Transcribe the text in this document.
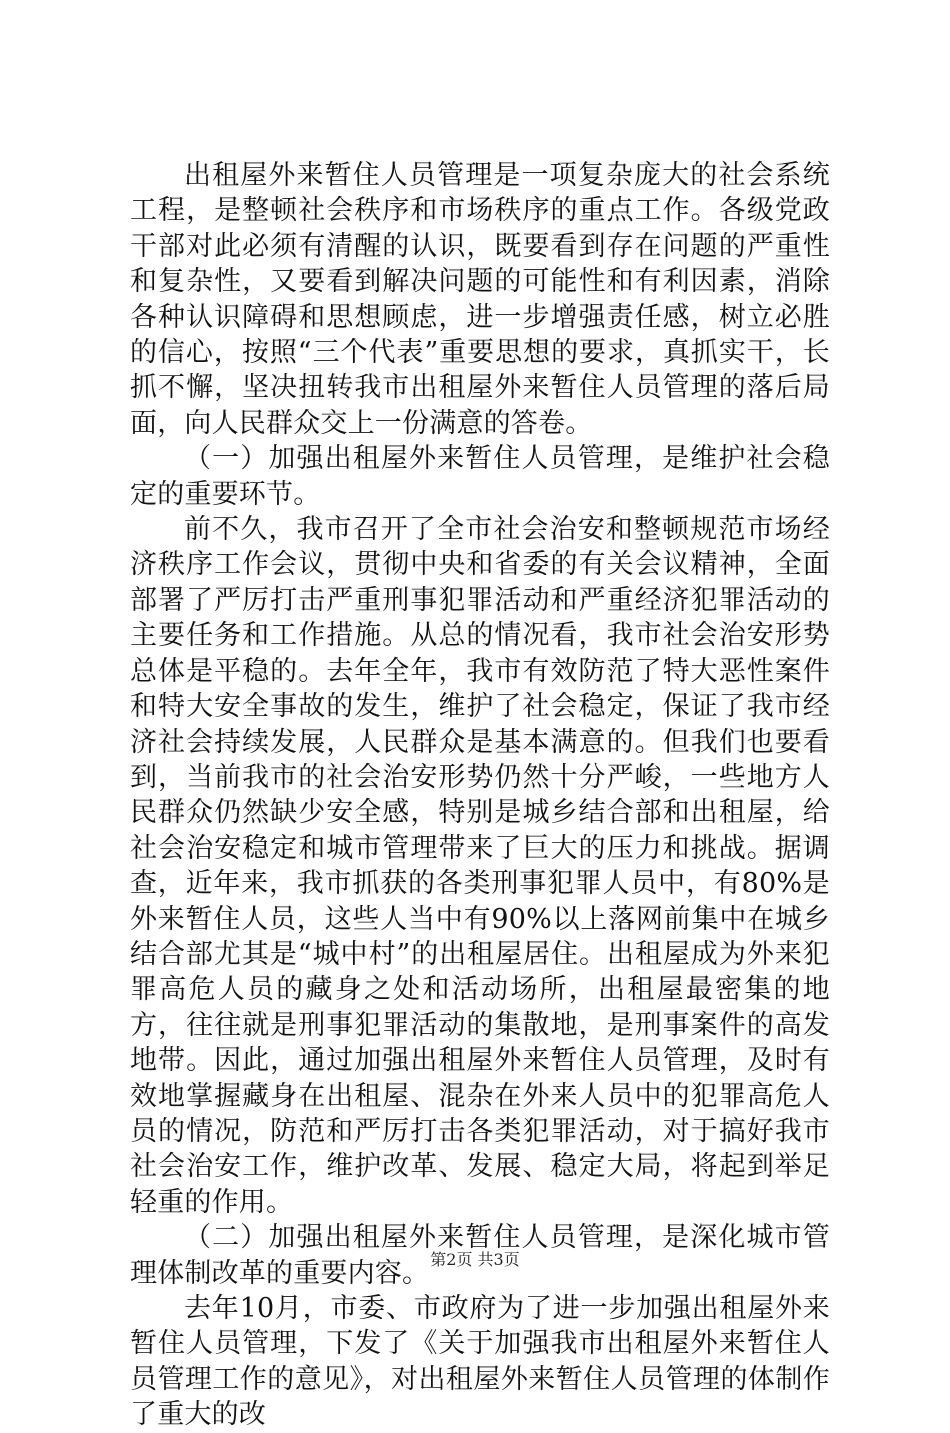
出租屋外来暂住人员管理是一项复杂庞大的社会系统工程，是整顿社会秩序和市场秩序的重点工作。各级党政干部对此必须有清醒的认识，既要看到存在问题的严重性和复杂性，又要看到解决问题的可能性和有利因素，消除各种认识障碍和思想顾虑，进一步增强责任感，树立必胜的信心，按照“三个代表”重要思想的要求，真抓实干，长抓不懈，坚决扭转我市出租屋外来暂住人员管理的落后局面，向人民群众交上一份满意的答卷。

（一）加强出租屋外来暂住人员管理，是维护社会稳定的重要环节。

前不久，我市召开了全市社会治安和整顿规范市场经济秩序工作会议，贯彻中央和省委的有关会议精神，全面部署了严厉打击严重刑事犯罪活动和严重经济犯罪活动的主要任务和工作措施。从总的情况看，我市社会治安形势总体是平稳的。去年全年，我市有效防范了特大恶性案件和特大安全事故的发生，维护了社会稳定，保证了我市经济社会持续发展，人民群众是基本满意的。但我们也要看到，当前我市的社会治安形势仍然十分严峻，一些地方人民群众仍然缺少安全感，特别是城乡结合部和出租屋，给社会治安稳定和城市管理带来了巨大的压力和挑战。据调查，近年来，我市抓获的各类刑事犯罪人员中，有80%是外来暂住人员，这些人当中有90%以上落网前集中在城乡结合部尤其是“城中村”的出租屋居住。出租屋成为外来犯罪高危人员的藏身之处和活动场所，出租屋最密集的地方，往往就是刑事犯罪活动的集散地，是刑事案件的高发地带。因此，通过加强出租屋外来暂住人员管理，及时有效地掌握藏身在出租屋、混杂在外来人员中的犯罪高危人员的情况，防范和严厉打击各类犯罪活动，对于搞好我市社会治安工作，维护改革、发展、稳定大局，将起到举足轻重的作用。

（二）加强出租屋外来暂住人员管理，是深化城市管理体制改革的重要内容。

去年10月，市委、市政府为了进一步加强出租屋外来暂住人员管理，下发了《关于加强我市出租屋外来暂住人员管理工作的意见》，对出租屋外来暂住人员管理的体制作了重大的改

第2页 共3页
